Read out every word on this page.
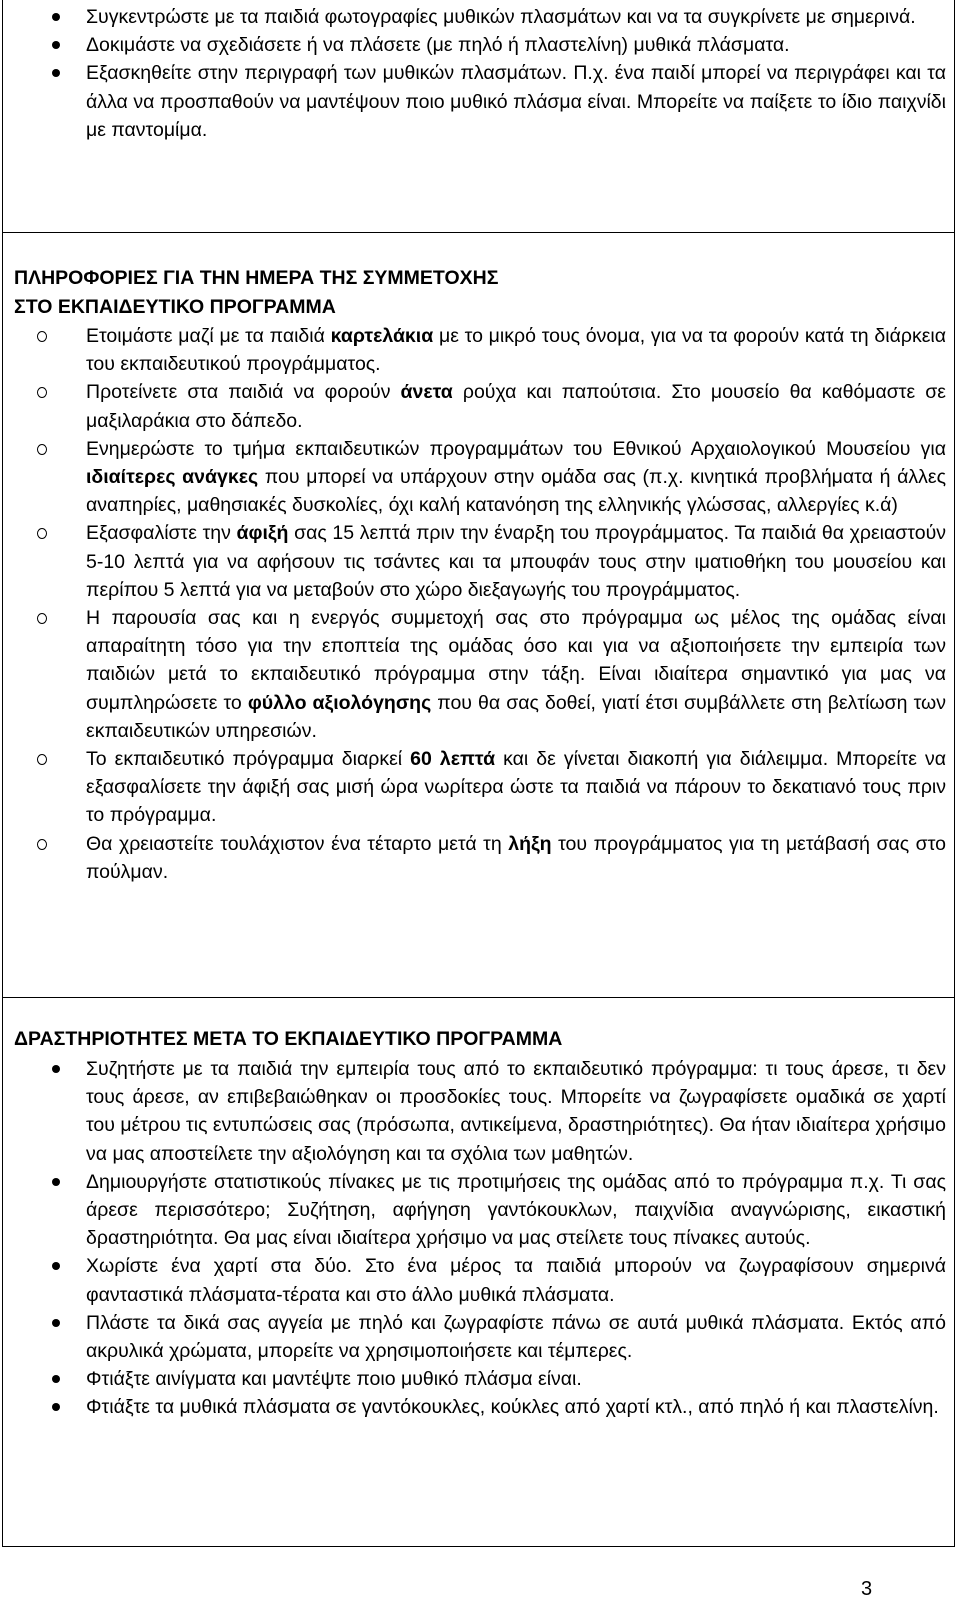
Συγκεντρώστε με τα παιδιά φωτογραφίες μυθικών πλασμάτων και να τα συγκρίνετε με σημερινά.
Δοκιμάστε να σχεδιάσετε ή να πλάσετε (με πηλό ή πλαστελίνη) μυθικά πλάσματα.
Εξασκηθείτε στην περιγραφή των μυθικών πλασμάτων. Π.χ. ένα παιδί μπορεί να περιγράφει και τα άλλα να προσπαθούν να μαντέψουν ποιο μυθικό πλάσμα είναι. Μπορείτε να παίξετε το ίδιο παιχνίδι με παντομίμα.
ΠΛΗΡΟΦΟΡΙΕΣ ΓΙΑ ΤΗΝ ΗΜΕΡΑ ΤΗΣ ΣΥΜΜΕΤΟΧΗΣ
ΣΤΟ ΕΚΠΑΙΔΕΥΤΙΚΟ ΠΡΟΓΡΑΜΜΑ
Ετοιμάστε μαζί με τα παιδιά καρτελάκια με το μικρό τους όνομα, για να τα φορούν κατά τη διάρκεια του εκπαιδευτικού προγράμματος.
Προτείνετε στα παιδιά να φορούν άνετα ρούχα και παπούτσια. Στο μουσείο θα καθόμαστε σε μαξιλαράκια στο δάπεδο.
Ενημερώστε το τμήμα εκπαιδευτικών προγραμμάτων του Εθνικού Αρχαιολογικού Μουσείου για ιδιαίτερες ανάγκες που μπορεί να υπάρχουν στην ομάδα σας (π.χ. κινητικά προβλήματα ή άλλες αναπηρίες, μαθησιακές δυσκολίες, όχι καλή κατανόηση της ελληνικής γλώσσας, αλλεργίες κ.ά)
Εξασφαλίστε την άφιξή σας 15 λεπτά πριν την έναρξη του προγράμματος. Τα παιδιά θα χρειαστούν 5-10 λεπτά για να αφήσουν τις τσάντες και τα μπουφάν τους στην ιματιοθήκη του μουσείου και περίπου 5 λεπτά για να μεταβούν στο χώρο διεξαγωγής του προγράμματος.
Η παρουσία σας και η ενεργός συμμετοχή σας στο πρόγραμμα ως μέλος της ομάδας είναι απαραίτητη τόσο για την εποπτεία της ομάδας όσο και για να αξιοποιήσετε την εμπειρία των παιδιών μετά το εκπαιδευτικό πρόγραμμα στην τάξη. Είναι ιδιαίτερα σημαντικό για μας να συμπληρώσετε το φύλλο αξιολόγησης που θα σας δοθεί, γιατί έτσι συμβάλλετε στη βελτίωση των εκπαιδευτικών υπηρεσιών.
Το εκπαιδευτικό πρόγραμμα διαρκεί 60 λεπτά και δε γίνεται διακοπή για διάλειμμα. Μπορείτε να εξασφαλίσετε την άφιξή σας μισή ώρα νωρίτερα ώστε τα παιδιά να πάρουν το δεκατιανό τους πριν το πρόγραμμα.
Θα χρειαστείτε τουλάχιστον ένα τέταρτο μετά τη λήξη του προγράμματος για τη μετάβασή σας στο πούλμαν.
ΔΡΑΣΤΗΡΙΟΤΗΤΕΣ ΜΕΤΑ ΤΟ ΕΚΠΑΙΔΕΥΤΙΚΟ ΠΡΟΓΡΑΜΜΑ
Συζητήστε με τα παιδιά την εμπειρία τους από το εκπαιδευτικό πρόγραμμα: τι τους άρεσε, τι δεν τους άρεσε, αν επιβεβαιώθηκαν οι προσδοκίες τους. Μπορείτε να ζωγραφίσετε ομαδικά σε χαρτί του μέτρου τις εντυπώσεις σας (πρόσωπα, αντικείμενα, δραστηριότητες). Θα ήταν ιδιαίτερα χρήσιμο να μας αποστείλετε την αξιολόγηση και τα σχόλια των μαθητών.
Δημιουργήστε στατιστικούς πίνακες με τις προτιμήσεις της ομάδας από το πρόγραμμα π.χ. Τι σας άρεσε περισσότερο; Συζήτηση, αφήγηση γαντόκουκλων, παιχνίδια αναγνώρισης, εικαστική δραστηριότητα. Θα μας είναι ιδιαίτερα χρήσιμο να μας στείλετε τους πίνακες αυτούς.
Χωρίστε ένα χαρτί στα δύο. Στο ένα μέρος τα παιδιά μπορούν να ζωγραφίσουν σημερινά φανταστικά πλάσματα-τέρατα και στο άλλο μυθικά πλάσματα.
Πλάστε τα δικά σας αγγεία με πηλό και ζωγραφίστε πάνω σε αυτά μυθικά πλάσματα. Εκτός από ακρυλικά χρώματα, μπορείτε να χρησιμοποιήσετε και τέμπερες.
Φτιάξτε αινίγματα και μαντέψτε ποιο μυθικό πλάσμα είναι.
Φτιάξτε τα μυθικά πλάσματα σε γαντόκουκλες, κούκλες από χαρτί κτλ., από πηλό ή και πλαστελίνη.
3
